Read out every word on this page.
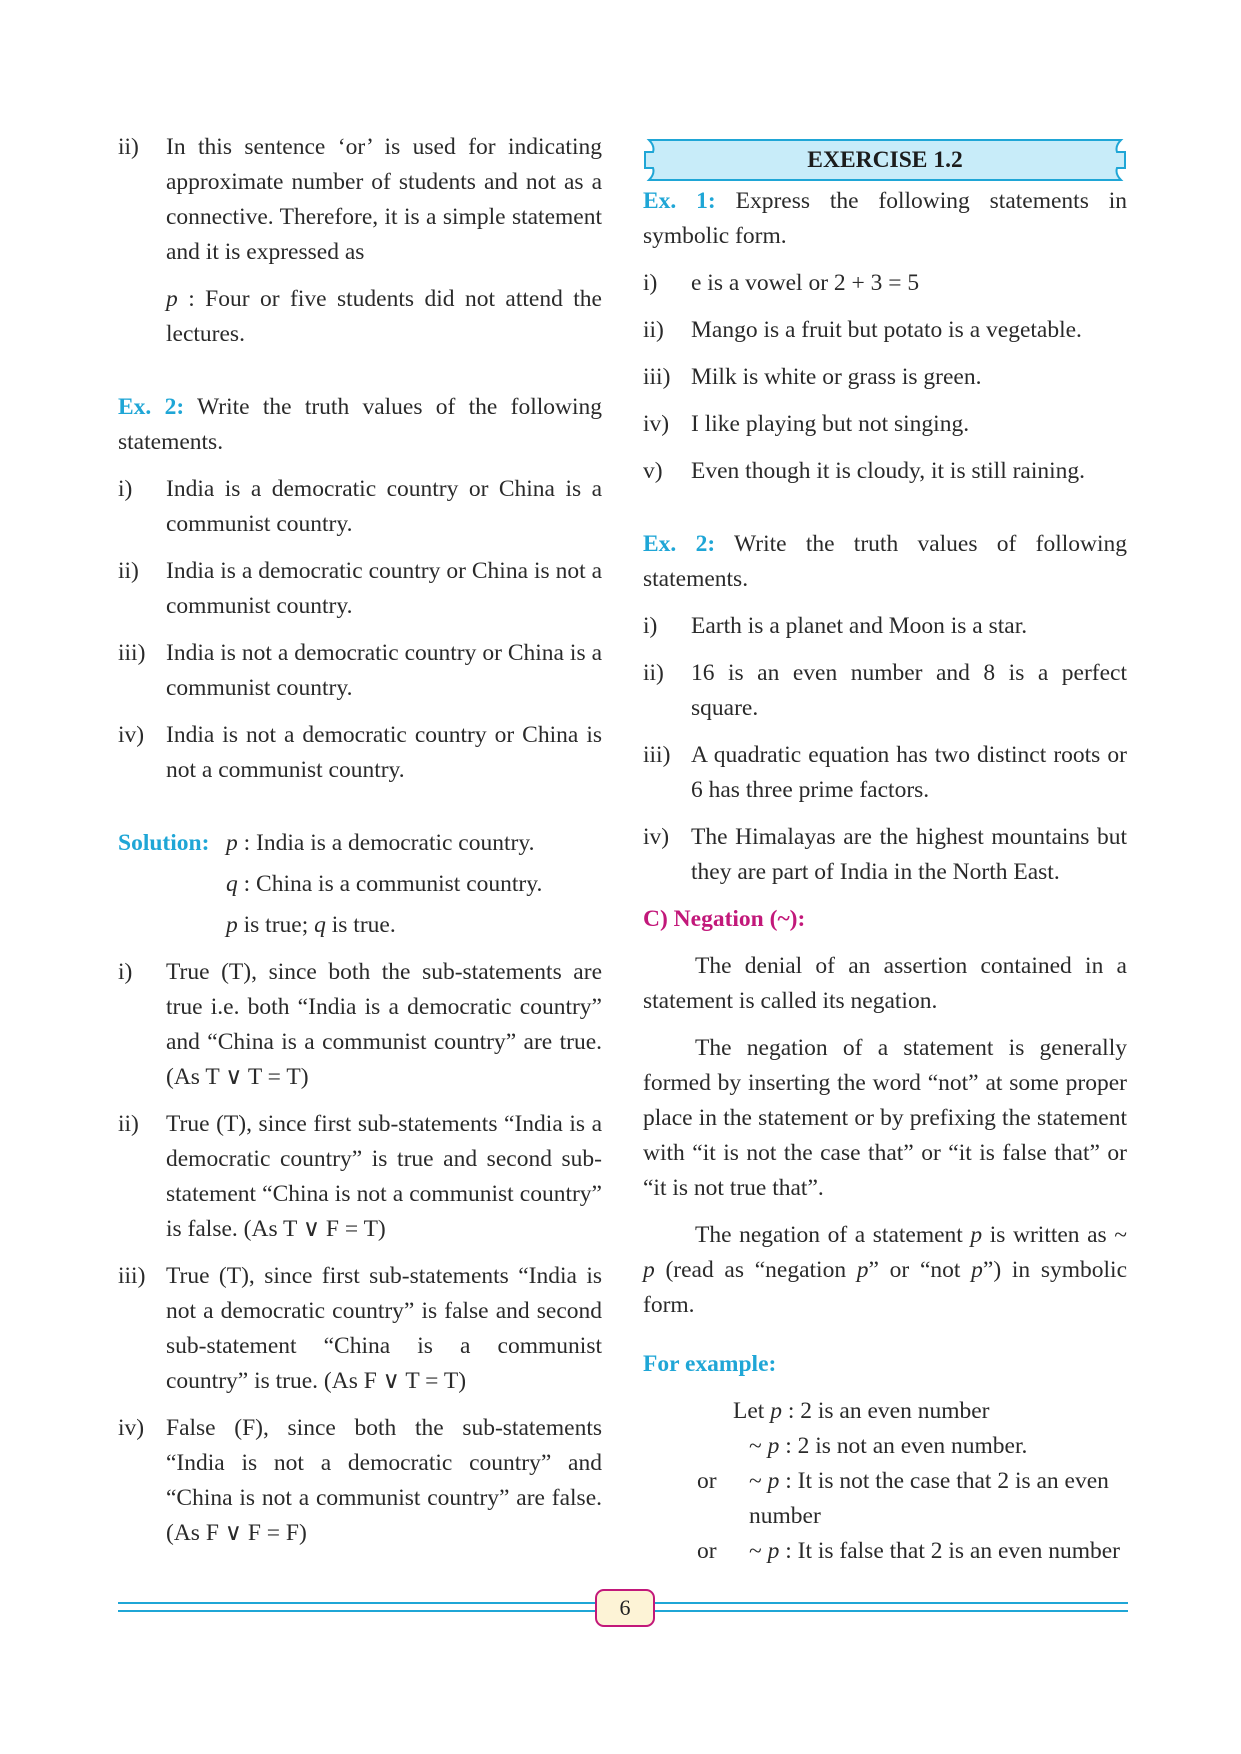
ii)	In this sentence ‘or’ is used for indicating approximate number of students and not as a connective. Therefore, it is a simple statement and it is expressed as

p : Four or five students did not attend the lectures.

Ex. 2: Write the truth values of the following statements.

i)	India is a democratic country or China is a communist country.
ii)	India is a democratic country or China is not a communist country.
iii) India is not a democratic country or China is a communist country.
iv) India is not a democratic country or China is not a communist country.
Solution: p : India is a democratic country.

q : China is a communist country.

p is true; q is true.

i)	True (T), since both the sub-statements are true i.e. both “India is a democratic country” and “China is a communist country” are true. (As T ∨ T = T)
ii)	True (T), since first sub-statements “India is a democratic country” is true and second sub-statement “China is not a communist country” is false. (As T ∨ F = T)
iii) True (T), since first sub-statements “India is not a democratic country” is false and second sub-statement “China is a communist country” is true. (As F ∨ T = T)
iv) False (F), since both the sub-statements “India is not a democratic country” and “China is not a communist country” are false. (As F ∨ F = F)
EXERCISE 1.2

Ex. 1: Express the following statements in symbolic form.

i)	e is a vowel or 2 + 3 = 5
ii)	Mango is a fruit but potato is a vegetable.
iii) Milk is white or grass is green.
iv) I like playing but not singing.
v)	Even though it is cloudy, it is still raining.

Ex. 2: Write the truth values of following statements.

i)	Earth is a planet and Moon is a star.
ii)	16 is an even number and 8 is a perfect square.
iii) A quadratic equation has two distinct roots or 6 has three prime factors.
iv) The Himalayas are the highest mountains but they are part of India in the North East.

C) Negation (~):

The denial of an assertion contained in a statement is called its negation.

The negation of a statement is generally formed by inserting the word “not” at some proper place in the statement or by prefixing the statement with “it is not the case that” or “it is false that” or “it is not true that”.

The negation of a statement p is written as ~ p (read as “negation p” or “not p”) in symbolic form.

For example:

Let p : 2 is an even number

~ p : 2 is not an even number.

or	~ p : It is not the case that 2 is an even number
or	~ p : It is false that 2 is an even number
6
